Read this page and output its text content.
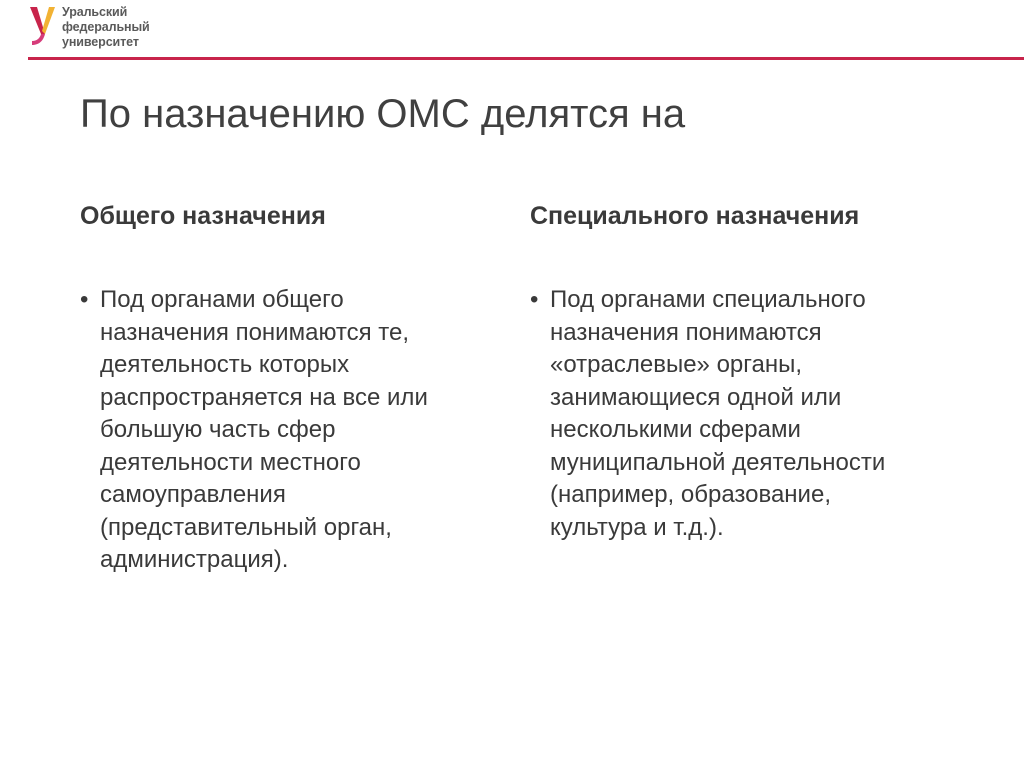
Уральский
федеральный
университет
По назначению ОМС делятся на
Общего назначения
• Под органами общего
назначения понимаются те,
деятельность которых
распространяется на все или
большую часть сфер
деятельности местного
самоуправления
(представительный орган,
администрация).
Специального назначения
• Под органами специального
назначения понимаются
«отраслевые» органы,
занимающиеся одной или
несколькими сферами
муниципальной деятельности
(например, образование,
культура и т.д.).
